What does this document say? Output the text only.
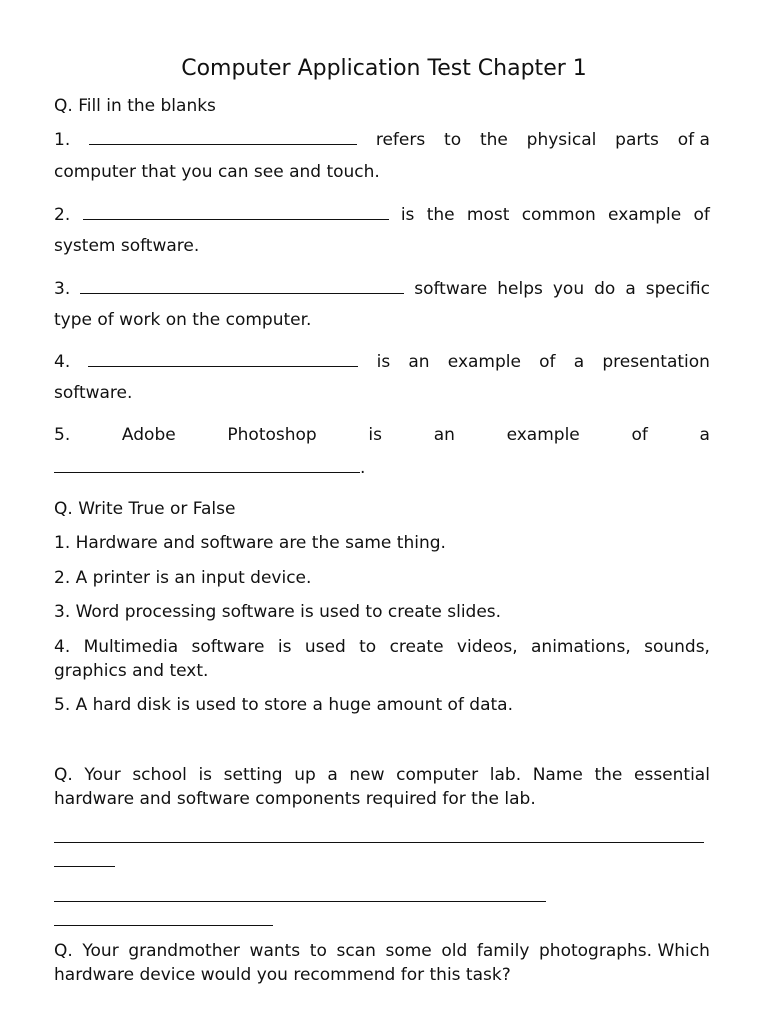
Computer Application Test Chapter 1
Q. Fill in the blanks
1.	refers to the physical parts of a
computer that you can see and touch.
2.	is the most common example of
system software.
3.	software helps you do a specific
type of work on the computer.
4.	is an example of a presentation
software.
5.	Adobe	Photoshop	is	an	example	of	a
.
Q. Write True or False
1. Hardware and software are the same thing.
2. A printer is an input device.
3. Word processing software is used to create slides.
4. Multimedia software is used to create videos, animations, sounds,
graphics and text.
5. A hard disk is used to store a huge amount of data.
Q. Your school is setting up a new computer lab. Name the essential
hardware and software components required for the lab.
Q. Your grandmother wants to scan some old family photographs. Which
hardware device would you recommend for this task?
